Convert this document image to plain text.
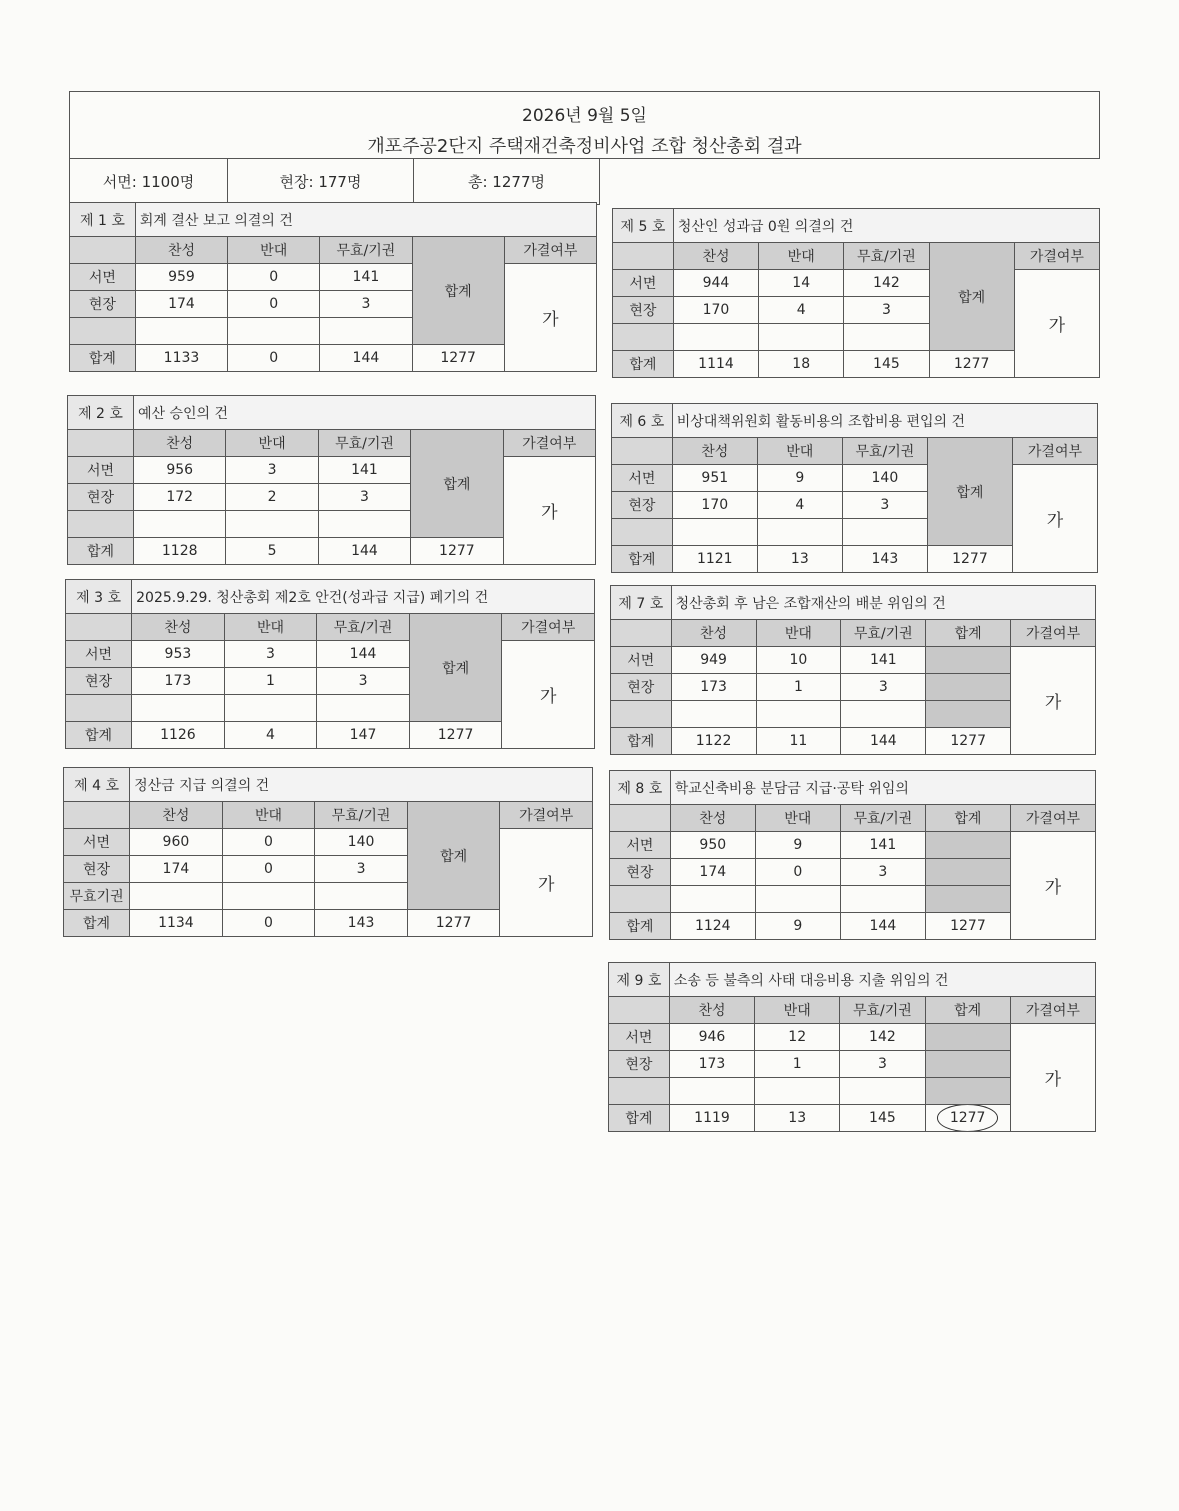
2026년 9월 5일
개포주공2단지 주택재건축정비사업 조합 청산총회 결과
서면: 1100명	현장: 177명	총: 1277명
제 1 호	회계 결산 보고 의결의 건				
	찬성	반대	무효/기권	합계	가결여부
서면	959	0	141		가
현장	174	0	3		

합계	1133	0	144	1277	
제 2 호	예산 승인의 건				
	찬성	반대	무효/기권	합계	가결여부
서면	956	3	141		가
현장	172	2	3		

합계	1128	5	144	1277	
제 3 호	2025.9.29. 청산총회 제2호 안건(성과급 지급) 폐기의 건				
	찬성	반대	무효/기권	합계	가결여부
서면	953	3	144		가
현장	173	1	3		

합계	1126	4	147	1277	
제 4 호	정산금 지급 의결의 건				
	찬성	반대	무효/기권	합계	가결여부
서면	960	0	140		가
현장	174	0	3		
무효기권					
합계	1134	0	143	1277	
제 5 호	청산인 성과급 0원 의결의 건				
	찬성	반대	무효/기권	합계	가결여부
서면	944	14	142		가
현장	170	4	3		

합계	1114	18	145	1277	
제 6 호	비상대책위원회 활동비용의 조합비용 편입의 건				
	찬성	반대	무효/기권	합계	가결여부
서면	951	9	140		가
현장	170	4	3		

합계	1121	13	143	1277	
제 7 호	청산총회 후 남은 조합재산의 배분 위임의 건				
	찬성	반대	무효/기권	합계	가결여부
서면	949	10	141		가
현장	173	1	3		

합계	1122	11	144	1277	
제 8 호	학교신축비용 분담금 지급·공탁 위임의				
	찬성	반대	무효/기권	합계	가결여부
서면	950	9	141		가
현장	174	0	3		

합계	1124	9	144	1277	
제 9 호	소송 등 불측의 사태 대응비용 지출 위임의 건				
	찬성	반대	무효/기권	합계	가결여부
서면	946	12	142		가
현장	173	1	3		

합계	1119	13	145	1277	
